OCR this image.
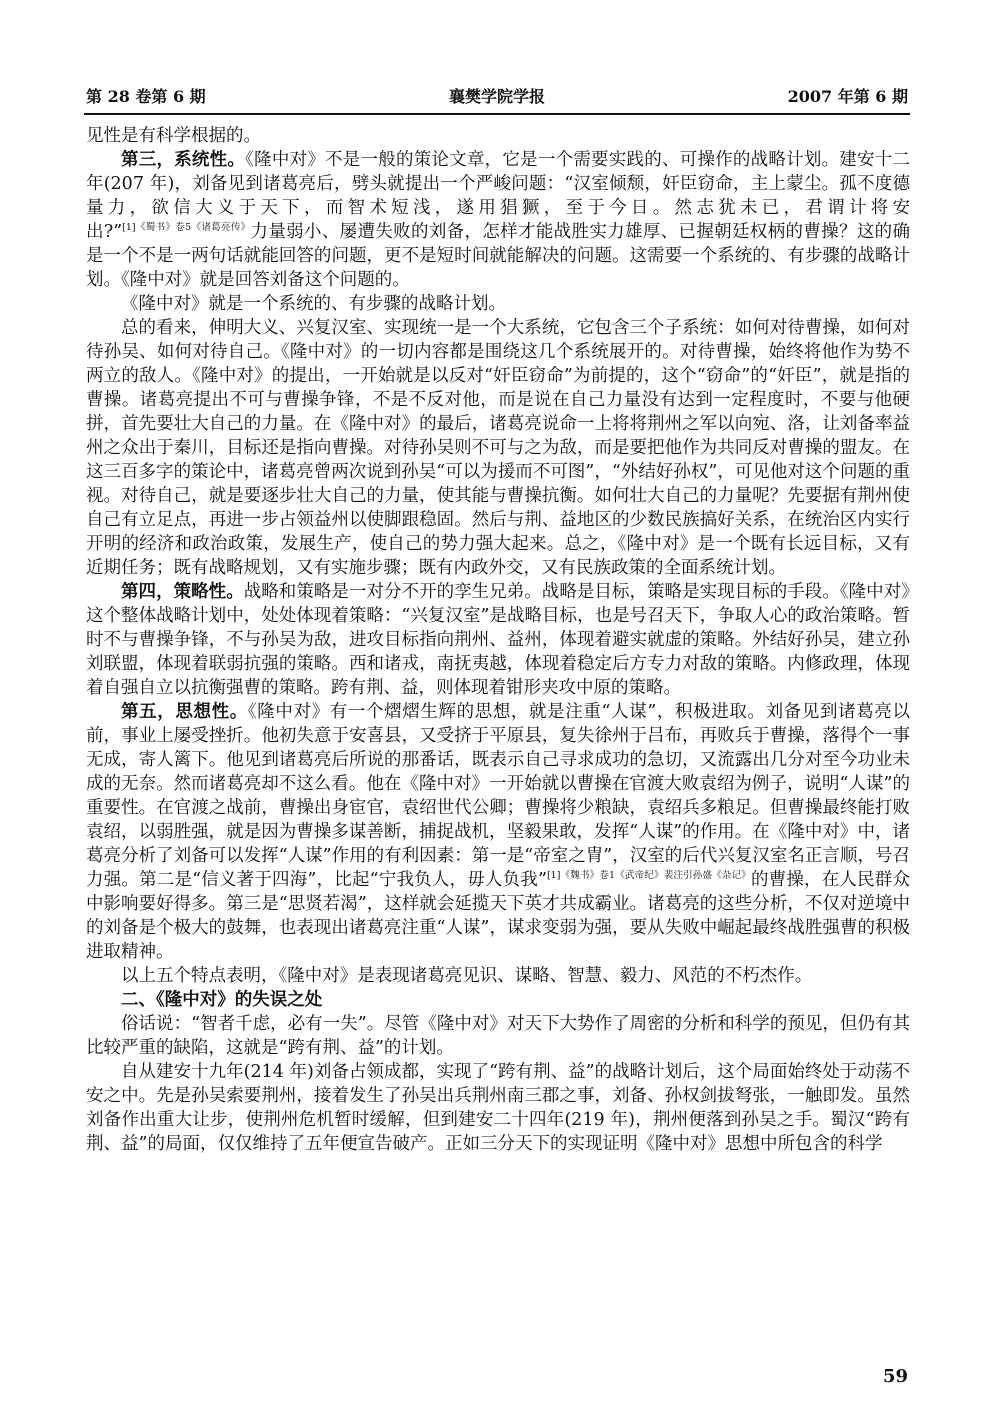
第 28 卷第 6 期	襄樊学院学报	2007 年第 6 期

见性是有科学根据的。

第三，系统性。《隆中对》不是一般的策论文章，它是一个需要实践的、可操作的战略计划。建安十二年(207 年)，刘备见到诸葛亮后，劈头就提出一个严峻问题：“汉室倾颓，奸臣窃命，主上蒙尘。孤不度德量力，欲信大义于天下，而智术短浅，遂用猖獗，至于今日。然志犹未已，君谓计将安出?”$^{[1]《蜀书》卷5《诸葛亮传》}$力量弱小、屡遭失败的刘备，怎样才能战胜实力雄厚、已握朝廷权柄的曹操？这的确是一个不是一两句话就能回答的问题，更不是短时间就能解决的问题。这需要一个系统的、有步骤的战略计划。《隆中对》就是回答刘备这个问题的。

《隆中对》就是一个系统的、有步骤的战略计划。

总的看来，伸明大义、兴复汉室、实现统一是一个大系统，它包含三个子系统：如何对待曹操，如何对待孙吴、如何对待自己。《隆中对》的一切内容都是围绕这几个系统展开的。对待曹操，始终将他作为势不两立的敌人。《隆中对》的提出，一开始就是以反对“奸臣窃命”为前提的，这个“窃命”的“奸臣”，就是指的曹操。诸葛亮提出不可与曹操争锋，不是不反对他，而是说在自己力量没有达到一定程度时，不要与他硬拼，首先要壮大自己的力量。在《隆中对》的最后，诸葛亮说命一上将将荆州之军以向宛、洛，让刘备率益州之众出于秦川，目标还是指向曹操。对待孙吴则不可与之为敌，而是要把他作为共同反对曹操的盟友。在这三百多字的策论中，诸葛亮曾两次说到孙吴“可以为援而不可图”，“外结好孙权”，可见他对这个问题的重视。对待自己，就是要逐步壮大自己的力量，使其能与曹操抗衡。如何壮大自己的力量呢？先要据有荆州使自己有立足点，再进一步占领益州以使脚跟稳固。然后与荆、益地区的少数民族搞好关系，在统治区内实行开明的经济和政治政策，发展生产，使自己的势力强大起来。总之，《隆中对》是一个既有长远目标，又有近期任务；既有战略规划，又有实施步骤；既有内政外交，又有民族政策的全面系统计划。

第四，策略性。战略和策略是一对分不开的孪生兄弟。战略是目标，策略是实现目标的手段。《隆中对》这个整体战略计划中，处处体现着策略：“兴复汉室”是战略目标，也是号召天下，争取人心的政治策略。暂时不与曹操争锋，不与孙吴为敌，进攻目标指向荆州、益州，体现着避实就虚的策略。外结好孙吴，建立孙刘联盟，体现着联弱抗强的策略。西和诸戎，南抚夷越，体现着稳定后方专力对敌的策略。内修政理，体现着自强自立以抗衡强曹的策略。跨有荆、益，则体现着钳形夹攻中原的策略。

第五，思想性。《隆中对》有一个熠熠生辉的思想，就是注重“人谋”，积极进取。刘备见到诸葛亮以前，事业上屡受挫折。他初失意于安喜县，又受挤于平原县，复失徐州于吕布，再败兵于曹操，落得个一事无成，寄人篱下。他见到诸葛亮后所说的那番话，既表示自己寻求成功的急切，又流露出几分对至今功业未成的无奈。然而诸葛亮却不这么看。他在《隆中对》一开始就以曹操在官渡大败袁绍为例子，说明“人谋”的重要性。在官渡之战前，曹操出身宦官，袁绍世代公卿；曹操将少粮缺，袁绍兵多粮足。但曹操最终能打败袁绍，以弱胜强，就是因为曹操多谋善断，捕捉战机，坚毅果敢，发挥“人谋”的作用。在《隆中对》中，诸葛亮分析了刘备可以发挥“人谋”作用的有利因素：第一是“帝室之胄”，汉室的后代兴复汉室名正言顺，号召力强。第二是“信义著于四海”，比起“宁我负人，毋人负我”$^{[1]《魏书》卷1《武帝纪》裴注引孙盛《杂记》}$的曹操，在人民群众中影响要好得多。第三是“思贤若渴”，这样就会延揽天下英才共成霸业。诸葛亮的这些分析，不仅对逆境中的刘备是个极大的鼓舞，也表现出诸葛亮注重“人谋”，谋求变弱为强，要从失败中崛起最终战胜强曹的积极进取精神。

以上五个特点表明，《隆中对》是表现诸葛亮见识、谋略、智慧、毅力、风范的不朽杰作。

二、《隆中对》的失误之处

俗话说：“智者千虑，必有一失”。尽管《隆中对》对天下大势作了周密的分析和科学的预见，但仍有其比较严重的缺陷，这就是“跨有荆、益”的计划。

自从建安十九年(214 年)刘备占领成都，实现了“跨有荆、益”的战略计划后，这个局面始终处于动荡不安之中。先是孙吴索要荆州，接着发生了孙吴出兵荆州南三郡之事，刘备、孙权剑拔弩张，一触即发。虽然刘备作出重大让步，使荆州危机暂时缓解，但到建安二十四年(219 年)，荆州便落到孙吴之手。蜀汉“跨有荆、益”的局面，仅仅维持了五年便宣告破产。正如三分天下的实现证明《隆中对》思想中所包含的科学

59
